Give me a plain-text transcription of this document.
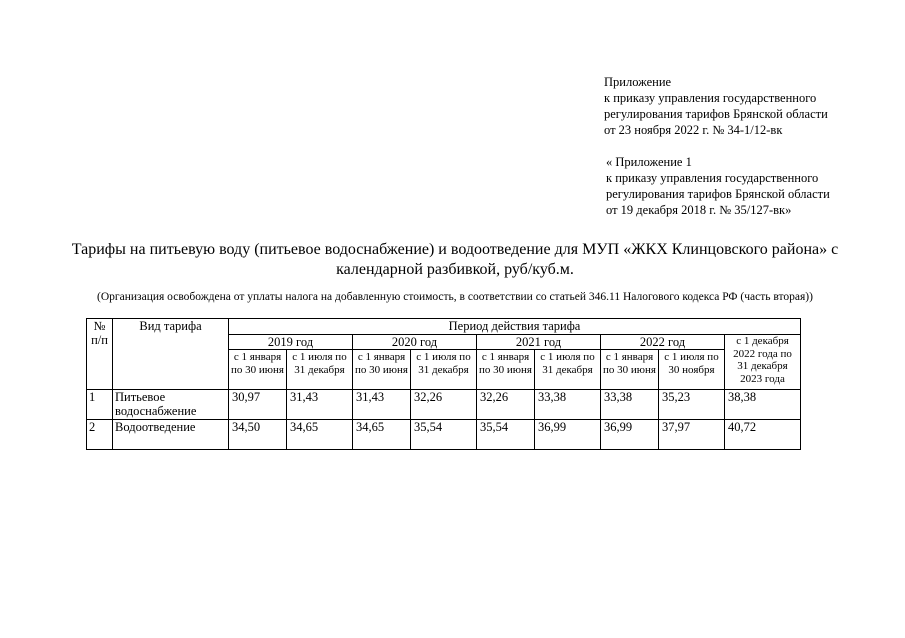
Приложение
к приказу управления государственного
регулирования тарифов Брянской области
от 23 ноября 2022 г. № 34-1/12-вк
« Приложение 1
к приказу управления государственного
регулирования тарифов Брянской области
от 19 декабря 2018 г. № 35/127-вк»
Тарифы на питьевую воду (питьевое водоснабжение) и водоотведение для МУП «ЖКХ Клинцовского района» с календарной разбивкой, руб/куб.м.
(Организация освобождена от уплаты налога на добавленную стоимость, в соответствии со статьей 346.11 Налогового кодекса РФ (часть вторая))
№ п/п	Вид тарифа	Период действия тарифа								
		2019 год		2020 год		2021 год		2022 год		с 1 декабря 2022 года по 31 декабря 2023 года
		с 1 января по 30 июня	с 1 июля по 31 декабря	с 1 января по 30 июня	с 1 июля по 31 декабря	с 1 января по 30 июня	с 1 июля по 31 декабря	с 1 января по 30 июня	с 1 июля по 30 ноября	
1	Питьевое водоснабжение	30,97	31,43	31,43	32,26	32,26	33,38	33,38	35,23	38,38
2	Водоотведение	34,50	34,65	34,65	35,54	35,54	36,99	36,99	37,97	40,72
